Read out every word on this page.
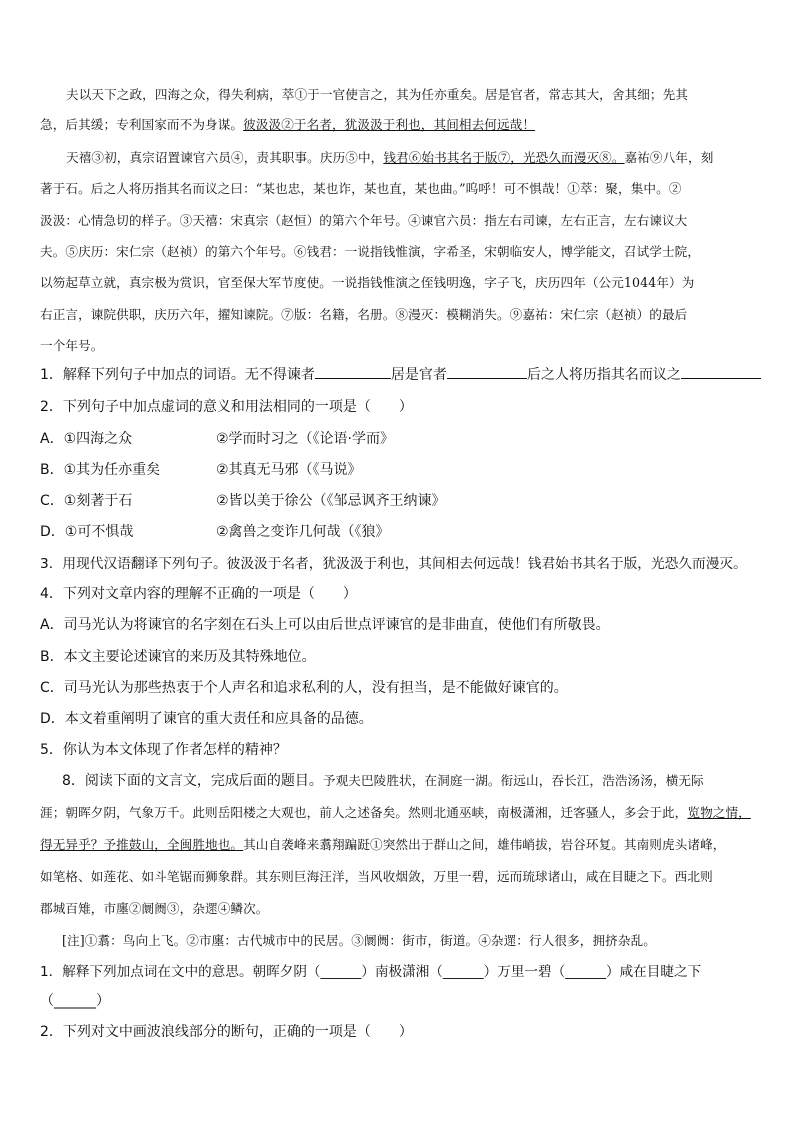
夫以天下之政，四海之众，得失利病，萃①于一官使言之，其为任亦重矣。居是官者，常志其大，舍其细；先其
急，后其缓；专利国家而不为身谋。彼汲汲②于名者，犹汲汲于利也，其间相去何远哉！
天禧③初，真宗诏置谏官六员④，责其职事。庆历⑤中，钱君⑥始书其名于版⑦，光恐久而漫灭⑧。嘉祐⑨八年，刻
著于石。后之人将历指其名而议之曰：“某也忠，某也诈，某也直，某也曲。”呜呼！可不惧哉！①萃：聚，集中。②
汲汲：心情急切的样子。③天禧：宋真宗（赵恒）的第六个年号。④谏官六员：指左右司谏，左右正言，左右谏议大
夫。⑤庆历：宋仁宗（赵祯）的第六个年号。⑥钱君：一说指钱惟演，字希圣，宋朝临安人，博学能文，召试学士院，
以笏起草立就，真宗极为赏识，官至保大军节度使。一说指钱惟演之侄钱明逸，字子飞，庆历四年（公元1044年）为
右正言，谏院供职，庆历六年，擢知谏院。⑦版：名籍，名册。⑧漫灭：模糊消失。⑨嘉祐：宋仁宗（赵祯）的最后
一个年号。
1．解释下列句子中加点的词语。无不得谏者	居是官者	后之人将历指其名而议之
2．下列句子中加点虚词的意义和用法相同的一项是（　　）
A．①四海之众	②学而时习之（《论语·学而》
B．①其为任亦重矣	②其真无马邪（《马说》
C．①刻著于石	②皆以美于徐公（《邹忌讽齐王纳谏》
D．①可不惧哉	②禽兽之变诈几何哉（《狼》
3．用现代汉语翻译下列句子。彼汲汲于名者，犹汲汲于利也，其间相去何远哉！钱君始书其名于版，光恐久而漫灭。
4．下列对文章内容的理解不正确的一项是（　　）
A．司马光认为将谏官的名字刻在石头上可以由后世点评谏官的是非曲直，使他们有所敬畏。
B．本文主要论述谏官的来历及其特殊地位。
C．司马光认为那些热衷于个人声名和追求私利的人，没有担当，是不能做好谏官的。
D．本文着重阐明了谏官的重大责任和应具备的品德。
5．你认为本文体现了作者怎样的精神？
8．阅读下面的文言文，完成后面的题目。予观夫巴陵胜状，在洞庭一湖。衔远山，吞长江，浩浩汤汤，横无际
涯；朝晖夕阴，气象万千。此则岳阳楼之大观也，前人之述备矣。然则北通巫峡，南极潇湘，迁客骚人，多会于此，览物之情，
得无异乎？予推鼓山，全闽胜地也。其山自袭峰来翥翔蹁跹①突然出于群山之间，雄伟峭拔，岩谷环复。其南则虎头诸峰，
如笔格、如莲花、如斗笔锯而狮象群。其东则巨海汪洋，当风收烟敛，万里一碧，远而琉球诸山，咸在目睫之下。西北则
郡城百雉，市廛②阛阓③，杂遝④鳞次。
[注]①翥：鸟向上飞。②市廛：古代城市中的民居。③阛阓：街市，街道。④杂遝：行人很多，拥挤杂乱。
1．解释下列加点词在文中的意思。朝晖夕阴（______）南极潇湘（______）万里一碧（______）咸在目睫之下
（______）
2．下列对文中画波浪线部分的断句，正确的一项是（　　）
